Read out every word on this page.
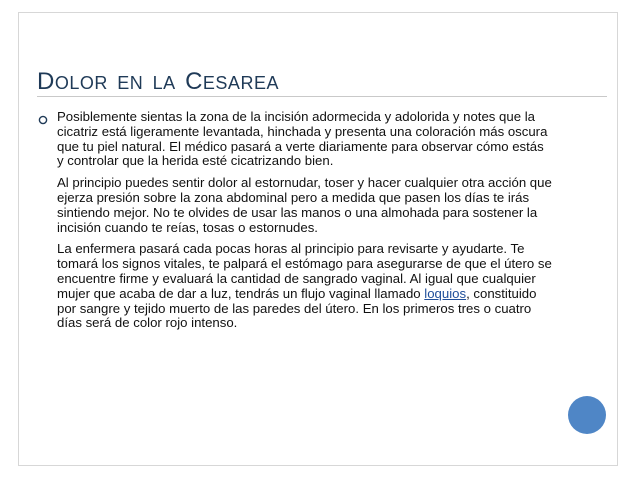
DOLOR EN LA CESAREA

Posiblemente sientas la zona de la incisión adormecida y adolorida y notes que la cicatriz está ligeramente levantada, hinchada y presenta una coloración más oscura que tu piel natural. El médico pasará a verte diariamente para observar cómo estás y controlar que la herida esté cicatrizando bien.

Al principio puedes sentir dolor al estornudar, toser y hacer cualquier otra acción que ejerza presión sobre la zona abdominal pero a medida que pasen los días te irás sintiendo mejor. No te olvides de usar las manos o una almohada para sostener la incisión cuando te reías, tosas o estornudes.

La enfermera pasará cada pocas horas al principio para revisarte y ayudarte. Te tomará los signos vitales, te palpará el estómago para asegurarse de que el útero se encuentre firme y evaluará la cantidad de sangrado vaginal. Al igual que cualquier mujer que acaba de dar a luz, tendrás un flujo vaginal llamado loquios, constituido por sangre y tejido muerto de las paredes del útero. En los primeros tres o cuatro días será de color rojo intenso.
